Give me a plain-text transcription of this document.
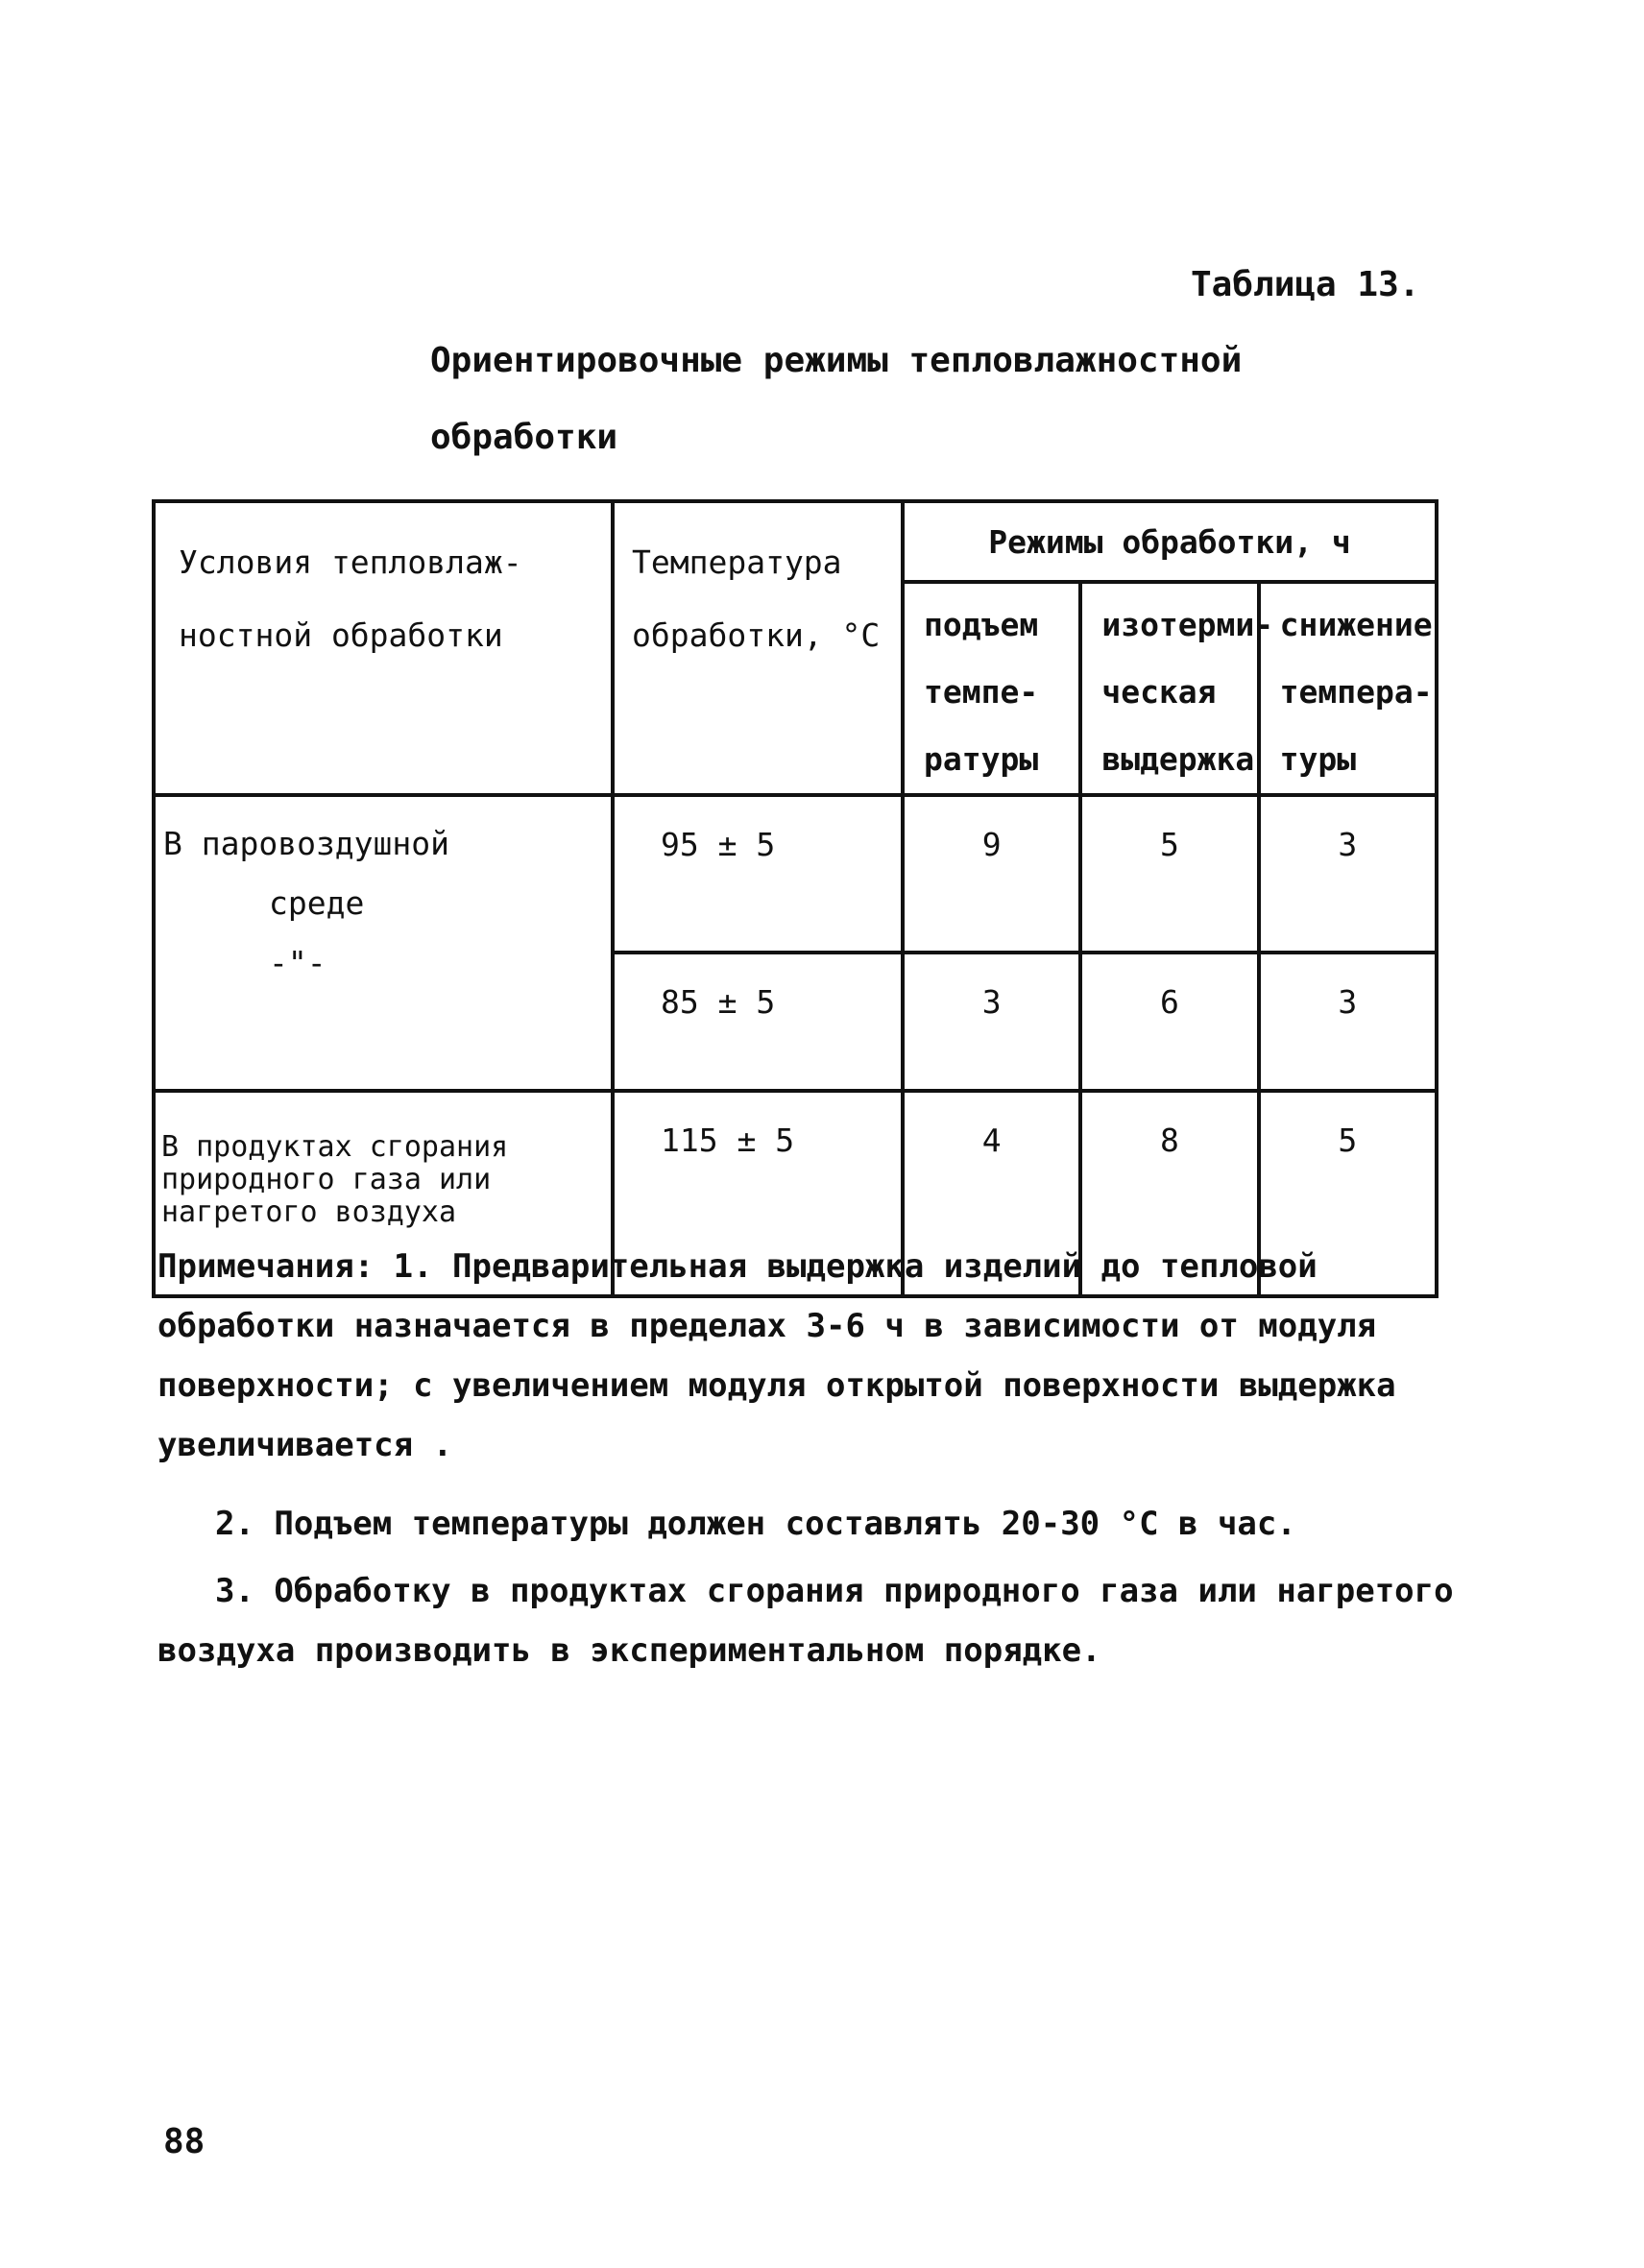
Таблица 13.
Ориентировочные режимы тепловлажностной обработки
Условия тепловлаж-ностной обработки	Температура обработки, °С	Режимы обработки, ч		
		подъем темпе-ратуры	изотерми-ческая выдержка	снижение темпера-туры

В паровоздушной
среде
-"-	95 ± 5	9	5	3
	85 ± 5	3	6	3
В продуктах сгорания природного газа или нагретого воздуха	115 ± 5	4	8	5

Примечания: 1. Предварительная выдержка изделий до тепловой обработки назначается в пределах 3-6 ч в зависимости от модуля поверхности; с увеличением модуля открытой поверхности выдержка увеличивается .

2. Подъем температуры должен составлять 20-30 °С в час.

3. Обработку в продуктах сгорания природного газа или нагретого воздуха производить в экспериментальном порядке.

88
